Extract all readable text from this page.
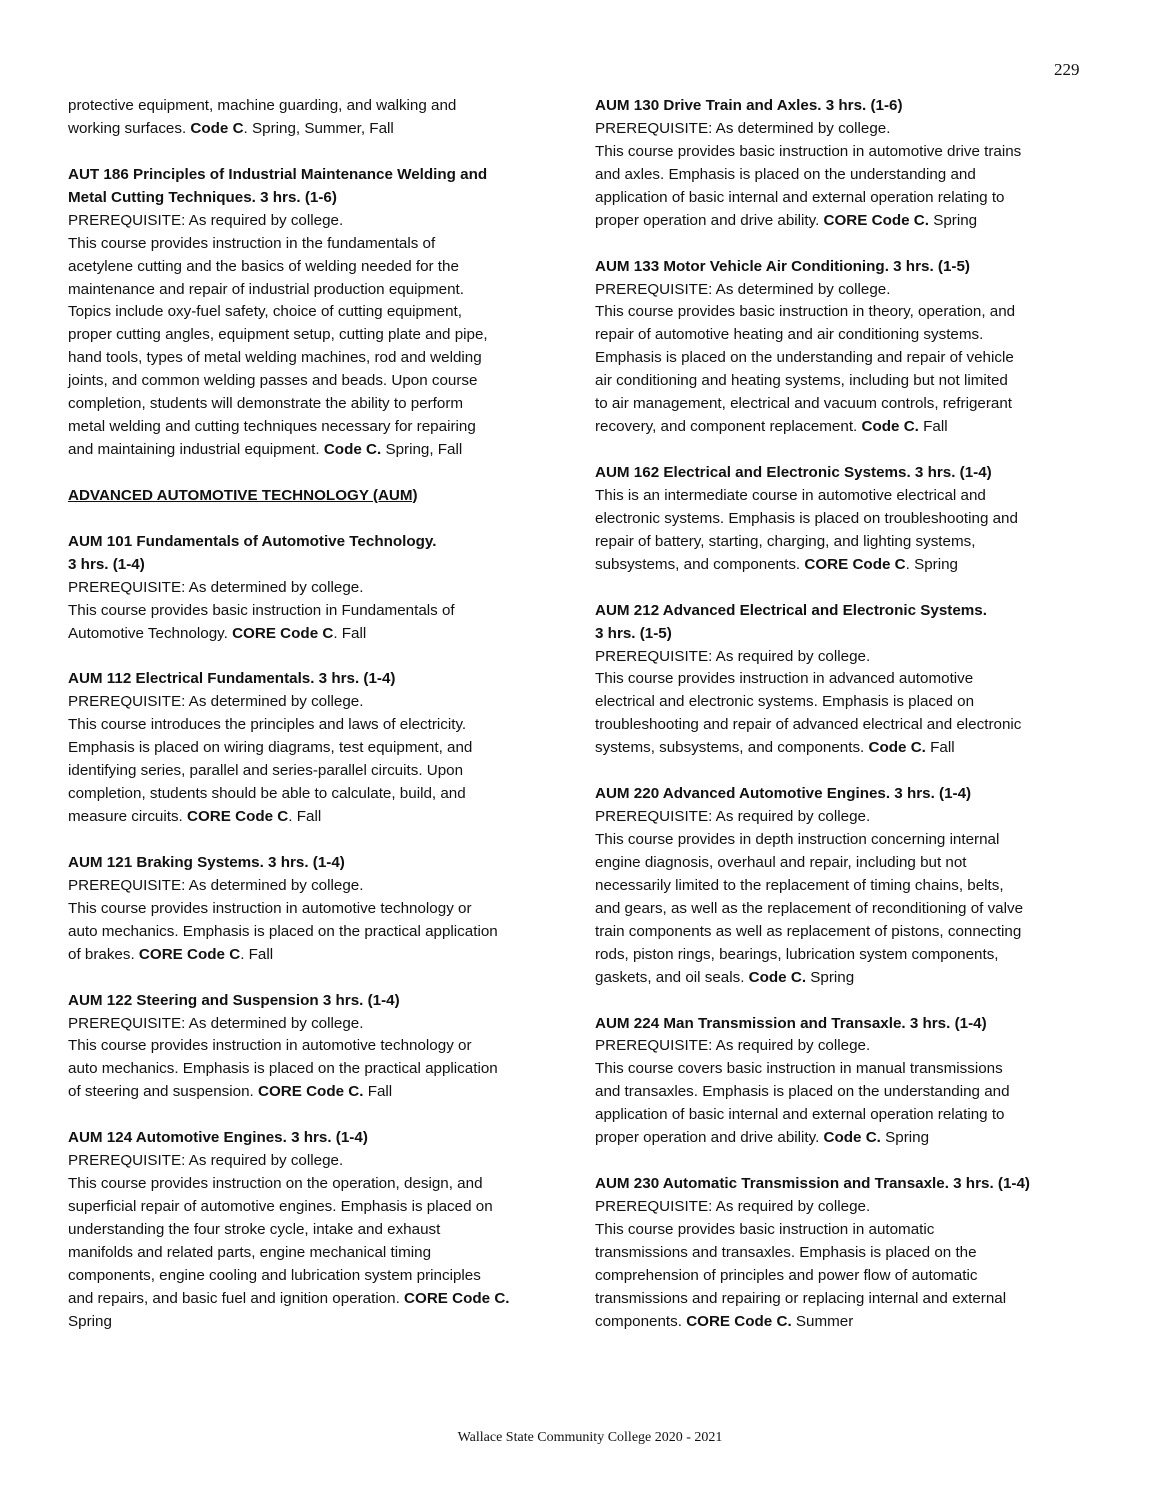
229
protective equipment, machine guarding, and walking and
working surfaces. Code C. Spring, Summer, Fall
AUT 186 Principles of Industrial Maintenance Welding and
Metal Cutting Techniques. 3 hrs. (1-6)
PREREQUISITE: As required by college.
This course provides instruction in the fundamentals of
acetylene cutting and the basics of welding needed for the
maintenance and repair of industrial production equipment.
Topics include oxy-fuel safety, choice of cutting equipment,
proper cutting angles, equipment setup, cutting plate and pipe,
hand tools, types of metal welding machines, rod and welding
joints, and common welding passes and beads. Upon course
completion, students will demonstrate the ability to perform
metal welding and cutting techniques necessary for repairing
and maintaining industrial equipment. Code C. Spring, Fall
ADVANCED AUTOMOTIVE TECHNOLOGY (AUM)
AUM 101 Fundamentals of Automotive Technology.
3 hrs. (1-4)
PREREQUISITE: As determined by college.
This course provides basic instruction in Fundamentals of
Automotive Technology. CORE Code C. Fall
AUM 112 Electrical Fundamentals. 3 hrs. (1-4)
PREREQUISITE: As determined by college.
This course introduces the principles and laws of electricity.
Emphasis is placed on wiring diagrams, test equipment, and
identifying series, parallel and series-parallel circuits. Upon
completion, students should be able to calculate, build, and
measure circuits. CORE Code C. Fall
AUM 121 Braking Systems. 3 hrs. (1-4)
PREREQUISITE: As determined by college.
This course provides instruction in automotive technology or
auto mechanics. Emphasis is placed on the practical application
of brakes. CORE Code C. Fall
AUM 122 Steering and Suspension 3 hrs. (1-4)
PREREQUISITE: As determined by college.
This course provides instruction in automotive technology or
auto mechanics. Emphasis is placed on the practical application
of steering and suspension. CORE Code C. Fall
AUM 124 Automotive Engines. 3 hrs. (1-4)
PREREQUISITE: As required by college.
This course provides instruction on the operation, design, and
superficial repair of automotive engines. Emphasis is placed on
understanding the four stroke cycle, intake and exhaust
manifolds and related parts, engine mechanical timing
components, engine cooling and lubrication system principles
and repairs, and basic fuel and ignition operation. CORE Code C.
Spring
AUM 130 Drive Train and Axles. 3 hrs. (1-6)
PREREQUISITE: As determined by college.
This course provides basic instruction in automotive drive trains
and axles. Emphasis is placed on the understanding and
application of basic internal and external operation relating to
proper operation and drive ability. CORE Code C. Spring
AUM 133 Motor Vehicle Air Conditioning. 3 hrs. (1-5)
PREREQUISITE: As determined by college.
This course provides basic instruction in theory, operation, and
repair of automotive heating and air conditioning systems.
Emphasis is placed on the understanding and repair of vehicle
air conditioning and heating systems, including but not limited
to air management, electrical and vacuum controls, refrigerant
recovery, and component replacement. Code C. Fall
AUM 162 Electrical and Electronic Systems. 3 hrs. (1-4)
This is an intermediate course in automotive electrical and
electronic systems. Emphasis is placed on troubleshooting and
repair of battery, starting, charging, and lighting systems,
subsystems, and components. CORE Code C. Spring
AUM 212 Advanced Electrical and Electronic Systems.
3 hrs. (1-5)
PREREQUISITE: As required by college.
This course provides instruction in advanced automotive
electrical and electronic systems. Emphasis is placed on
troubleshooting and repair of advanced electrical and electronic
systems, subsystems, and components. Code C. Fall
AUM 220 Advanced Automotive Engines. 3 hrs. (1-4)
PREREQUISITE: As required by college.
This course provides in depth instruction concerning internal
engine diagnosis, overhaul and repair, including but not
necessarily limited to the replacement of timing chains, belts,
and gears, as well as the replacement of reconditioning of valve
train components as well as replacement of pistons, connecting
rods, piston rings, bearings, lubrication system components,
gaskets, and oil seals. Code C. Spring
AUM 224 Man Transmission and Transaxle. 3 hrs. (1-4)
PREREQUISITE: As required by college.
This course covers basic instruction in manual transmissions
and transaxles. Emphasis is placed on the understanding and
application of basic internal and external operation relating to
proper operation and drive ability. Code C. Spring
AUM 230 Automatic Transmission and Transaxle. 3 hrs. (1-4)
PREREQUISITE: As required by college.
This course provides basic instruction in automatic
transmissions and transaxles. Emphasis is placed on the
comprehension of principles and power flow of automatic
transmissions and repairing or replacing internal and external
components. CORE Code C. Summer
Wallace State Community College 2020 - 2021
